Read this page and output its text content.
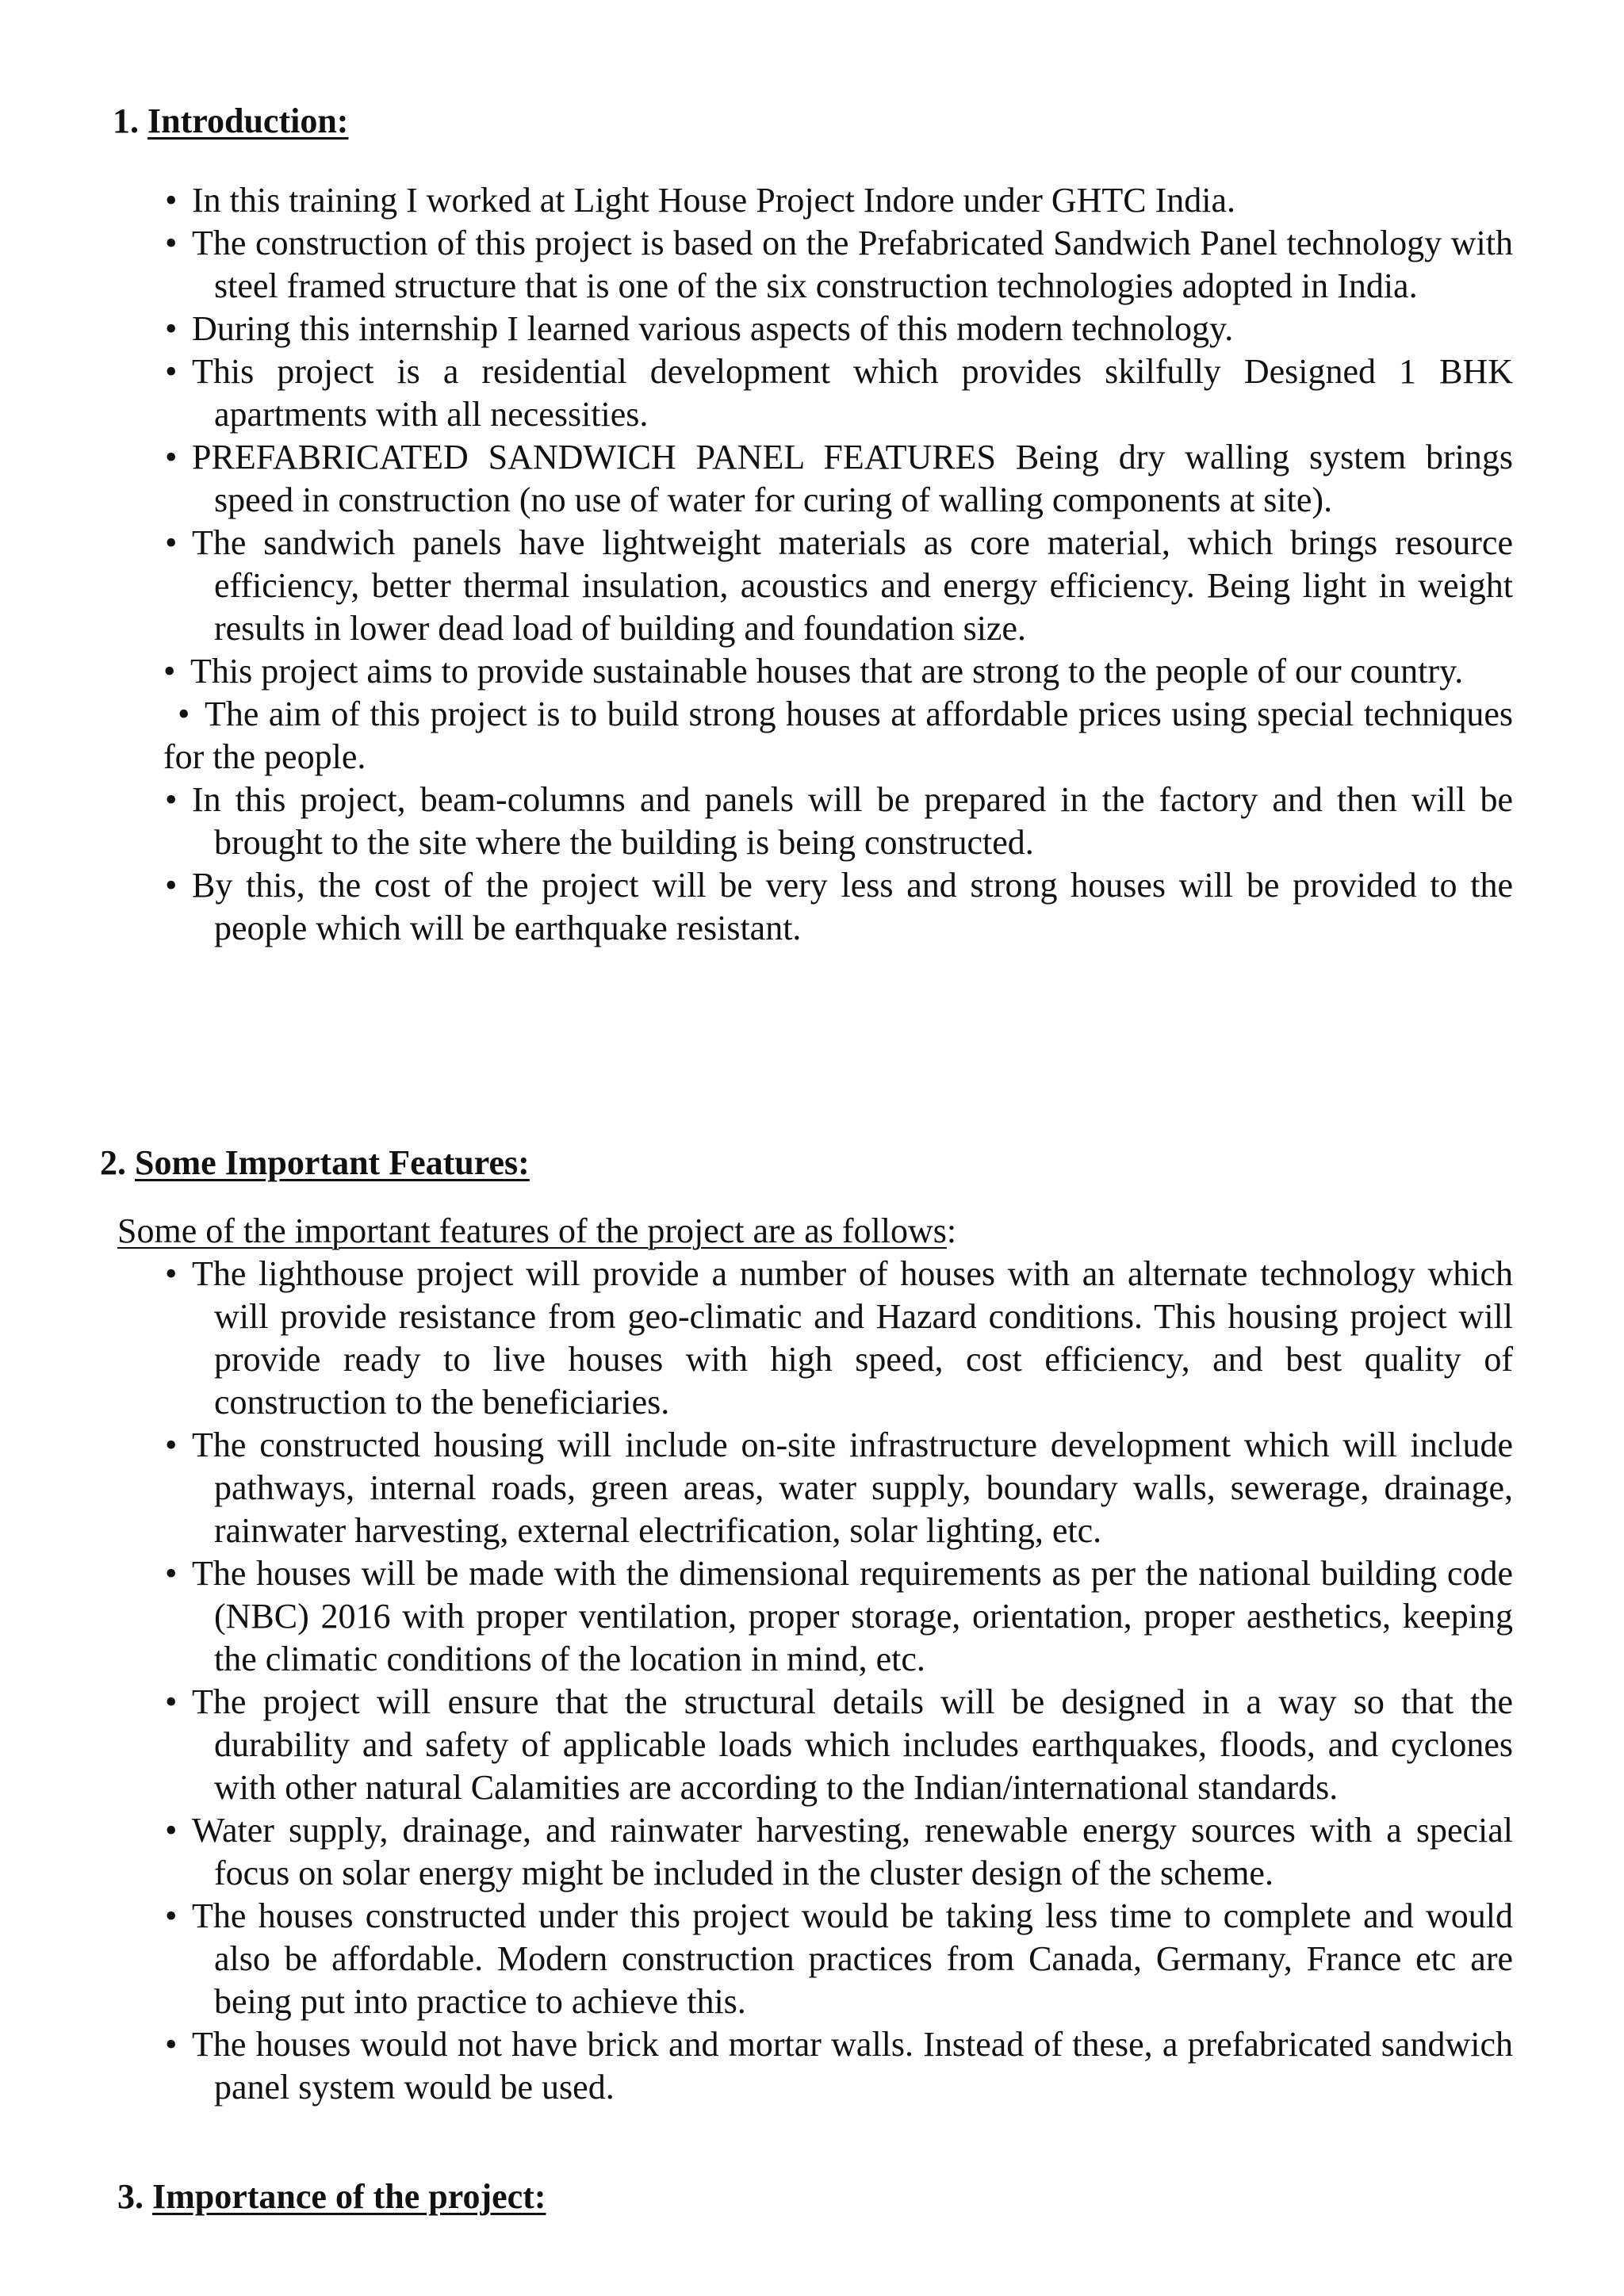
1. Introduction:
• In this training I worked at Light House Project Indore under GHTC India.
• The construction of this project is based on the Prefabricated Sandwich Panel technology with steel framed structure that is one of the six construction technologies adopted in India.
• During this internship I learned various aspects of this modern technology.
• This project is a residential development which provides skilfully Designed 1 BHK apartments with all necessities.
• PREFABRICATED SANDWICH PANEL FEATURES Being dry walling system brings speed in construction (no use of water for curing of walling components at site).
• The sandwich panels have lightweight materials as core material, which brings resource efficiency, better thermal insulation, acoustics and energy efficiency. Being light in weight results in lower dead load of building and foundation size.
• This project aims to provide sustainable houses that are strong to the people of our country.
• The aim of this project is to build strong houses at affordable prices using special techniques for the people.
• In this project, beam-columns and panels will be prepared in the factory and then will be brought to the site where the building is being constructed.
• By this, the cost of the project will be very less and strong houses will be provided to the people which will be earthquake resistant.
2. Some Important Features:
Some of the important features of the project are as follows:
• The lighthouse project will provide a number of houses with an alternate technology which will provide resistance from geo-climatic and Hazard conditions. This housing project will provide ready to live houses with high speed, cost efficiency, and best quality of construction to the beneficiaries.
• The constructed housing will include on-site infrastructure development which will include pathways, internal roads, green areas, water supply, boundary walls, sewerage, drainage, rainwater harvesting, external electrification, solar lighting, etc.
• The houses will be made with the dimensional requirements as per the national building code (NBC) 2016 with proper ventilation, proper storage, orientation, proper aesthetics, keeping the climatic conditions of the location in mind, etc.
• The project will ensure that the structural details will be designed in a way so that the durability and safety of applicable loads which includes earthquakes, floods, and cyclones with other natural Calamities are according to the Indian/international standards.
• Water supply, drainage, and rainwater harvesting, renewable energy sources with a special focus on solar energy might be included in the cluster design of the scheme.
• The houses constructed under this project would be taking less time to complete and would also be affordable. Modern construction practices from Canada, Germany, France etc are being put into practice to achieve this.
• The houses would not have brick and mortar walls. Instead of these, a prefabricated sandwich panel system would be used.
3. Importance of the project:
